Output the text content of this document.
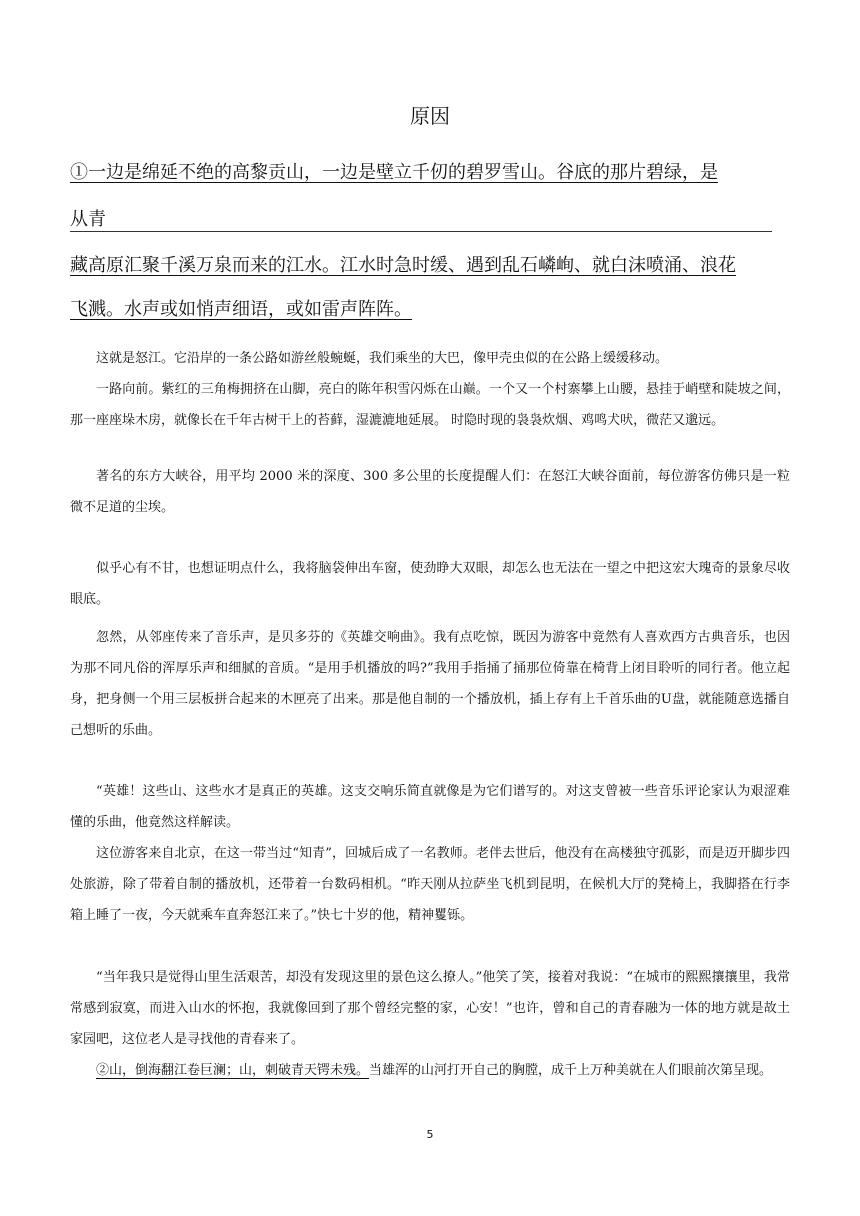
原因
①一边是绵延不绝的高黎贡山，一边是壁立千仞的碧罗雪山。谷底的那片碧绿，是
从青
藏高原汇聚千溪万泉而来的江水。江水时急时缓、遇到乱石嶙峋、就白沫喷涌、浪花
飞溅。水声或如悄声细语，或如雷声阵阵。

这就是怒江。它沿岸的一条公路如游丝般蜿蜒，我们乘坐的大巴，像甲壳虫似的在公路上缓缓移动。

一路向前。紫红的三角梅拥挤在山脚，亮白的陈年积雪闪烁在山巅。一个又一个村寨攀上山腰，悬挂于峭壁和陡坡之间，那一座座垛木房，就像长在千年古树干上的苔藓，湿漉漉地延展。 时隐时现的袅袅炊烟、鸡鸣犬吠，微茫又邈远。

著名的东方大峡谷，用平均 2000 米的深度、300 多公里的长度提醒人们：在怒江大峡谷面前，每位游客仿佛只是一粒微不足道的尘埃。

似乎心有不甘，也想证明点什么，我将脑袋伸出车窗，使劲睁大双眼，却怎么也无法在一望之中把这宏大瑰奇的景象尽收眼底。

忽然，从邻座传来了音乐声，是贝多芬的《英雄交响曲》。我有点吃惊，既因为游客中竟然有人喜欢西方古典音乐，也因为那不同凡俗的浑厚乐声和细腻的音质。“是用手机播放的吗?”我用手指捅了捅那位倚靠在椅背上闭目聆听的同行者。他立起身，把身侧一个用三层板拼合起来的木匣亮了出来。那是他自制的一个播放机，插上存有上千首乐曲的U盘，就能随意选播自己想听的乐曲。

“英雄！这些山、这些水才是真正的英雄。这支交响乐简直就像是为它们谱写的。对这支曾被一些音乐评论家认为艰涩难懂的乐曲，他竟然这样解读。

这位游客来自北京，在这一带当过“知青”，回城后成了一名教师。老伴去世后，他没有在高楼独守孤影，而是迈开脚步四处旅游，除了带着自制的播放机，还带着一台数码相机。“昨天刚从拉萨坐飞机到昆明，在候机大厅的凳椅上，我脚搭在行李箱上睡了一夜，今天就乘车直奔怒江来了。”快七十岁的他，精神矍铄。

“当年我只是觉得山里生活艰苦，却没有发现这里的景色这么撩人。”他笑了笑，接着对我说：“在城市的熙熙攘攘里，我常常感到寂寞，而进入山水的怀抱，我就像回到了那个曾经完整的家，心安！”也许，曾和自己的青春融为一体的地方就是故土家园吧，这位老人是寻找他的青春来了。

②山，倒海翻江卷巨澜；山，刺破青天锷未残。当雄浑的山河打开自己的胸膛，成千上万种美就在人们眼前次第呈现。

5
